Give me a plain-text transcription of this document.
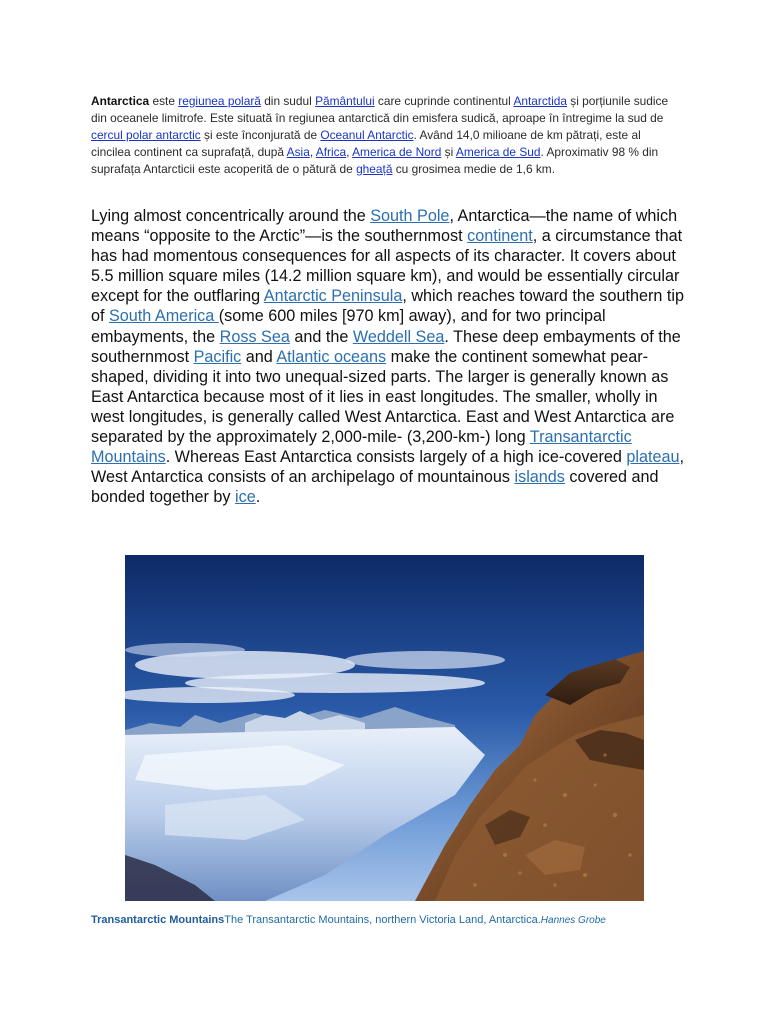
Antarctica este regiunea polară din sudul Pământului care cuprinde continentul Antarctida și porțiunile sudice din oceanele limitrofe. Este situată în regiunea antarctică din emisfera sudică, aproape în întregime la sud de cercul polar antarctic și este înconjurată de Oceanul Antarctic. Având 14,0 milioane de km pătrați, este al cincilea continent ca suprafață, după Asia, Africa, America de Nord și America de Sud. Aproximativ 98 % din suprafața Antarcticii este acoperită de o pătură de gheață cu grosimea medie de 1,6 km.
Lying almost concentrically around the South Pole, Antarctica—the name of which means “opposite to the Arctic”—is the southernmost continent, a circumstance that has had momentous consequences for all aspects of its character. It covers about 5.5 million square miles (14.2 million square km), and would be essentially circular except for the outflaring Antarctic Peninsula, which reaches toward the southern tip of South America (some 600 miles [970 km] away), and for two principal embayments, the Ross Sea and the Weddell Sea. These deep embayments of the southernmost Pacific and Atlantic oceans make the continent somewhat pear-shaped, dividing it into two unequal-sized parts. The larger is generally known as East Antarctica because most of it lies in east longitudes. The smaller, wholly in west longitudes, is generally called West Antarctica. East and West Antarctica are separated by the approximately 2,000-mile- (3,200-km-) long Transantarctic Mountains. Whereas East Antarctica consists largely of a high ice-covered plateau, West Antarctica consists of an archipelago of mountainous islands covered and bonded together by ice.
Transantarctic MountainsThe Transantarctic Mountains, northern Victoria Land, Antarctica.Hannes Grobe
